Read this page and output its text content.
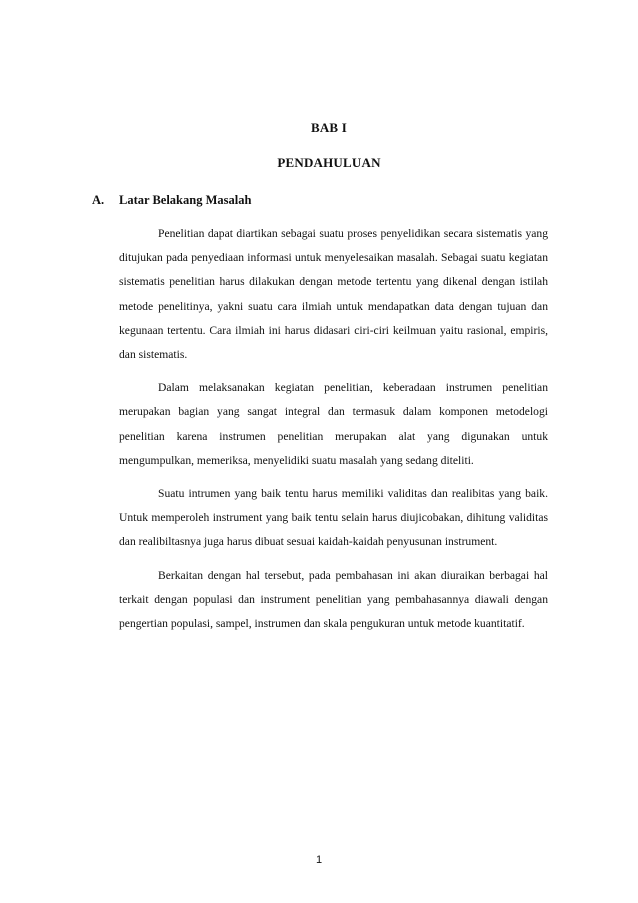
BAB I
PENDAHULUAN
A. Latar Belakang Masalah

Penelitian dapat diartikan sebagai suatu proses penyelidikan secara sistematis yang ditujukan pada penyediaan informasi untuk menyelesaikan masalah. Sebagai suatu kegiatan sistematis penelitian harus dilakukan dengan metode tertentu yang dikenal dengan istilah metode penelitinya, yakni suatu cara ilmiah untuk mendapatkan data dengan tujuan dan kegunaan tertentu. Cara ilmiah ini harus didasari ciri-ciri keilmuan yaitu rasional, empiris, dan sistematis.

Dalam melaksanakan kegiatan penelitian, keberadaan instrumen penelitian merupakan bagian yang sangat integral dan termasuk dalam komponen metodelogi penelitian karena instrumen penelitian merupakan alat yang digunakan untuk mengumpulkan, memeriksa, menyelidiki suatu masalah yang sedang diteliti.

Suatu intrumen yang baik tentu harus memiliki validitas dan realibitas yang baik. Untuk memperoleh instrument yang baik tentu selain harus diujicobakan, dihitung validitas dan realibiltasnya juga harus dibuat sesuai kaidah-kaidah penyusunan instrument.

Berkaitan dengan hal tersebut, pada pembahasan ini akan diuraikan berbagai hal terkait dengan populasi dan instrument penelitian yang pembahasannya diawali dengan pengertian populasi, sampel, instrumen dan skala pengukuran untuk metode kuantitatif.

1
